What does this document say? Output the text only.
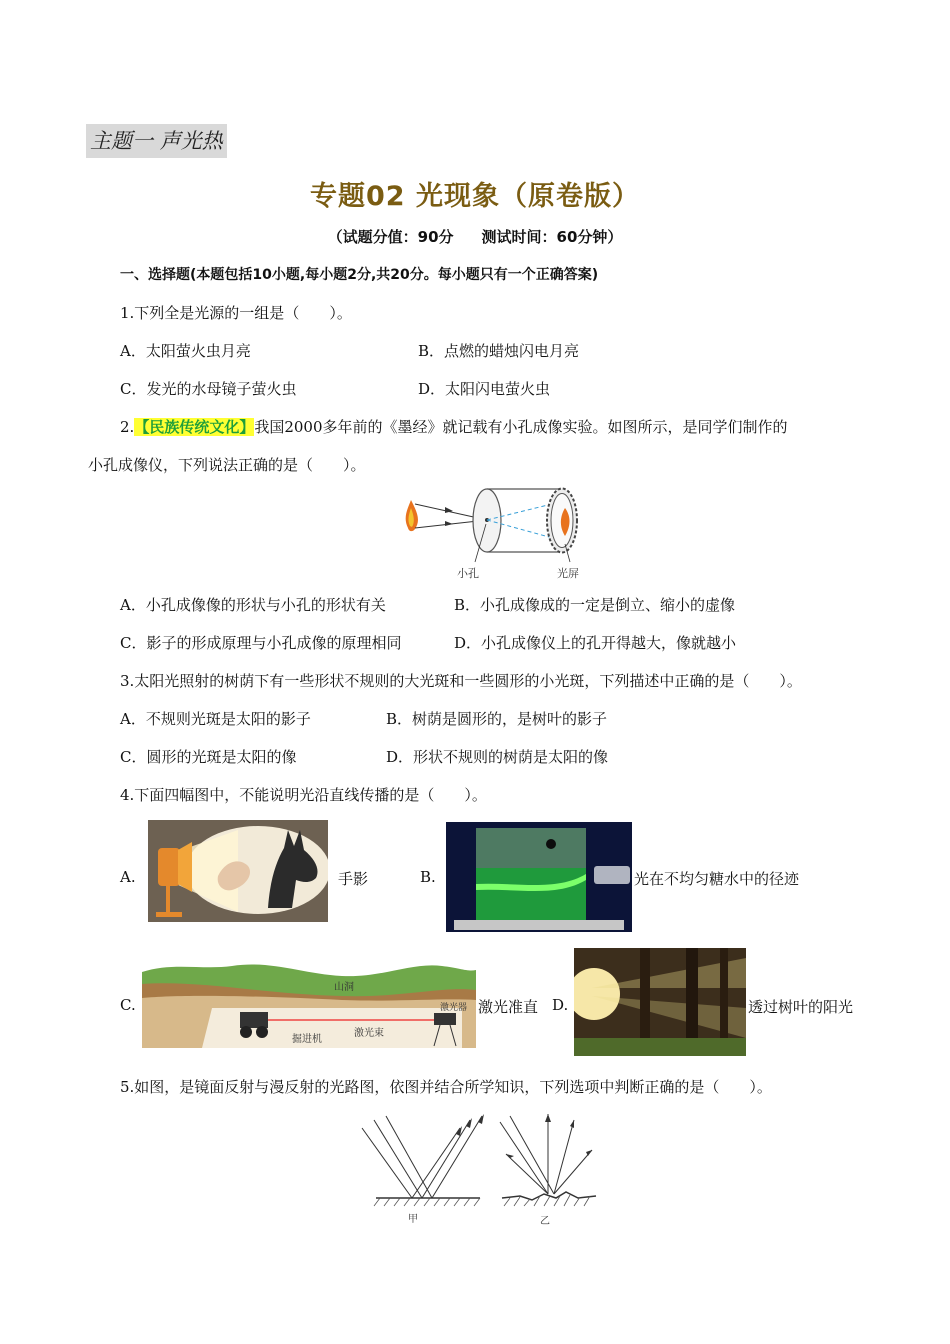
主题一 声光热
专题02 光现象（原卷版）
（试题分值：90分 测试时间：60分钟）
一、选择题(本题包括10小题,每小题2分,共20分。每小题只有一个正确答案)
1.下列全是光源的一组是（　　）。
A．太阳萤火虫月亮	B．点燃的蜡烛闪电月亮
C．发光的水母镜子萤火虫	D．太阳闪电萤火虫
2.【民族传统文化】我国2000多年前的《墨经》就记载有小孔成像实验。如图所示，是同学们制作的
小孔成像仪，下列说法正确的是（　　）。
小孔	光屏
A．小孔成像像的形状与小孔的形状有关	B．小孔成像成的一定是倒立、缩小的虚像
C．影子的形成原理与小孔成像的原理相同	D．小孔成像仪上的孔开得越大，像就越小
3.太阳光照射的树荫下有一些形状不规则的大光斑和一些圆形的小光斑，下列描述中正确的是（　　）。
A．不规则光斑是太阳的影子	B．树荫是圆形的，是树叶的影子
C．圆形的光斑是太阳的像	D．形状不规则的树荫是太阳的像
4.下面四幅图中，不能说明光沿直线传播的是（　　）。
A.	手影	B.	光在不均匀糖水中的径迹
C.
山洞
激光器
激光束
掘进机
激光准直 D.	透过树叶的阳光
5.如图，是镜面反射与漫反射的光路图，依图并结合所学知识，下列选项中判断正确的是（　　）。
甲	乙
